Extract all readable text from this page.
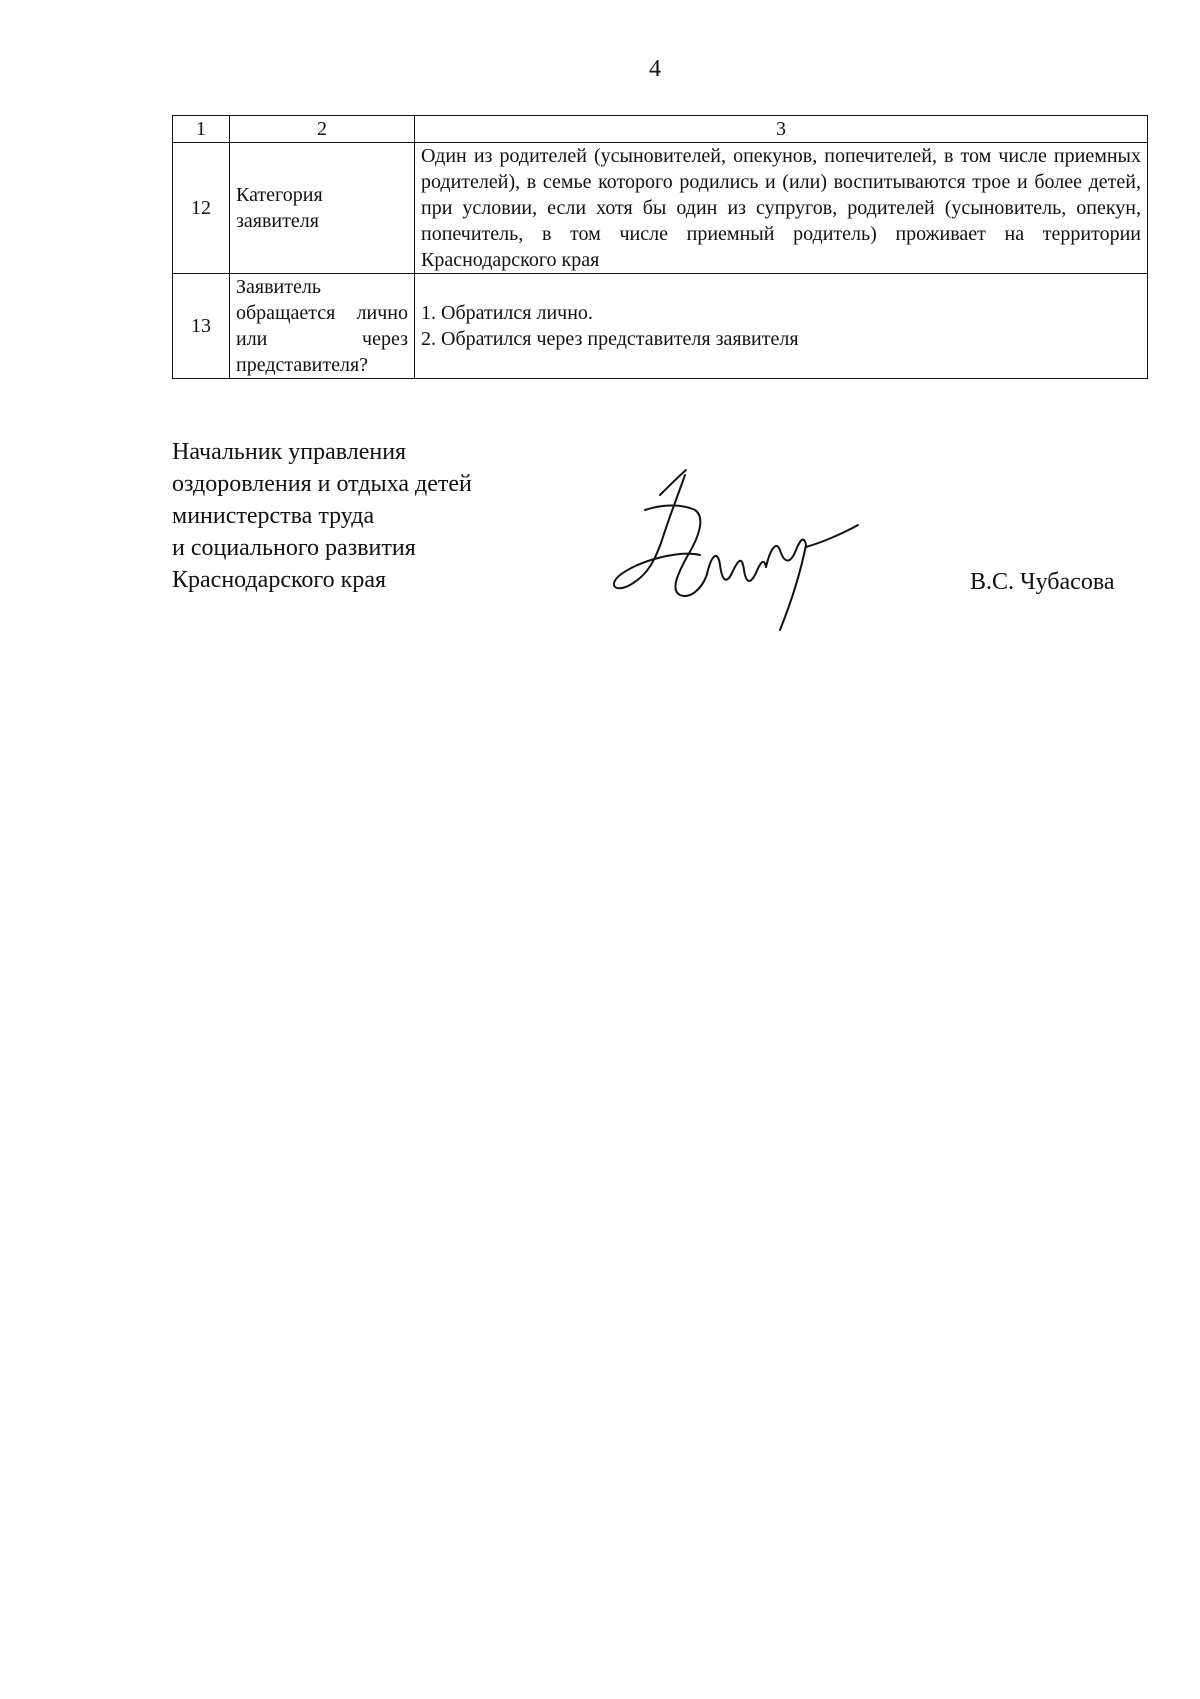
4
1	2	3
12	Категория заявителя	Один из родителей (усыновителей, опекунов, попечителей, в том числе приемных родителей), в семье которого родились и (или) воспитываются трое и более детей, при условии, если хотя бы один из супругов, родителей (усыновитель, опекун, попечитель, в том числе приемный родитель) проживает на территории Краснодарского края
13	Заявитель обращается лично или через представителя?	1. Обратился лично.
2. Обратился через представителя заявителя
Начальник управления
оздоровления и отдыха детей
министерства труда
и социального развития
Краснодарского края	В.С. Чубасова
